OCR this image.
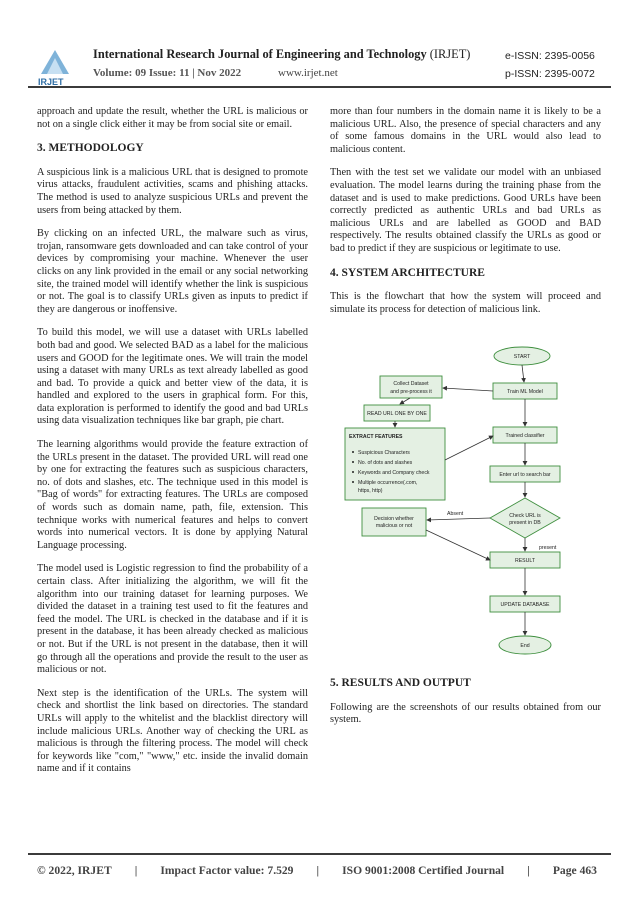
IRJET
International Research Journal of Engineering and Technology (IRJET)	e-ISSN: 2395-0056
Volume: 09 Issue: 11 | Nov 2022	www.irjet.net	p-ISSN: 2395-0072

approach and update the result, whether the URL is malicious or not on a single click either it may be from social site or email.

3. METHODOLOGY

A suspicious link is a malicious URL that is designed to promote virus attacks, fraudulent activities, scams and phishing attacks. The method is used to analyze suspicious URLs and prevent the users from being attacked by them.

By clicking on an infected URL, the malware such as virus, trojan, ransomware gets downloaded and can take control of your devices by compromising your machine. Whenever the user clicks on any link provided in the email or any social networking site, the trained model will identify whether the link is suspicious or not. The goal is to classify URLs given as inputs to predict if they are dangerous or inoffensive.

To build this model, we will use a dataset with URLs labelled both bad and good. We selected BAD as a label for the malicious users and GOOD for the legitimate ones. We will train the model using a dataset with many URLs as text already labelled as good and bad. To provide a quick and better view of the data, it is handled and explored to the users in graphical form. For this, data exploration is performed to identify the good and bad URLs using data visualization techniques like bar graph, pie chart.

The learning algorithms would provide the feature extraction of the URLs present in the dataset. The provided URL will read one by one for extracting the features such as suspicious characters, no. of dots and slashes, etc. The technique used in this model is "Bag of words" for extracting features. The URLs are composed of words such as domain name, path, file, extension. This technique works with numerical features and helps to convert words into numerical vectors. It is done by applying Natural Language processing.

The model used is Logistic regression to find the probability of a certain class. After initializing the algorithm, we will fit the algorithm into our training dataset for learning purposes. We divided the dataset in a training test used to fit the features and feed the model. The URL is checked in the database and if it is present in the database, it has been already checked as malicious or not. But if the URL is not present in the database, then it will go through all the operations and provide the result to the user as malicious or not.

Next step is the identification of the URLs. The system will check and shortlist the link based on directories. The standard URLs will apply to the whitelist and the blacklist directory will include malicious URLs. Another way of checking the URL as malicious is through the filtering process. The model will check for keywords like "com," "www," etc. inside the invalid domain name and if it contains

more than four numbers in the domain name it is likely to be a malicious URL. Also, the presence of special characters and any of some famous domains in the URL would also lead to malicious content.

Then with the test set we validate our model with an unbiased evaluation. The model learns during the training phase from the dataset and is used to make predictions. Good URLs have been correctly predicted as authentic URLs and bad URLs as malicious URLs and are labelled as GOOD and BAD respectively. The results obtained classify the URLs as good or bad to predict if they are suspicious or legitimate to use.

4. SYSTEM ARCHITECTURE

This is the flowchart that how the system will proceed and simulate its process for detection of malicious link.

START
Collect Dataset
and pre-process it	Train ML Model
READ URL ONE BY ONE
EXTRACT FEATURES
Suspicious Characters
No. of dots and slashes
Keywords and Company check
Multiple occurrence(.com,
https, http)
Trained classifier
Enter url to search bar
Decision whether
malicious or not
Absent	Check URL is
present in DB
present
RESULT
UPDATE DATABASE
End
5. RESULTS AND OUTPUT

Following are the screenshots of our results obtained from our system.

© 2022, IRJET | Impact Factor value: 7.529 | ISO 9001:2008 Certified Journal | Page 463
